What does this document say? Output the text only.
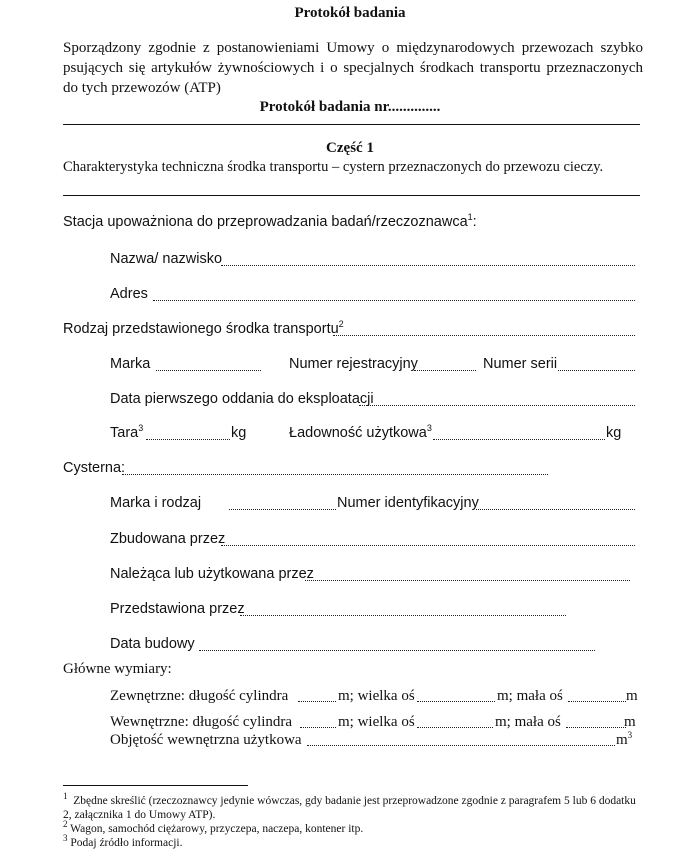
Protokół badania
Sporządzony zgodnie z postanowieniami Umowy o międzynarodowych przewozach szybko psujących się artykułów żywnościowych i o specjalnych środkach transportu przeznaczonych do tych przewozów (ATP)
Protokół badania nr..............
Część 1
Charakterystyka techniczna środka transportu – cystern przeznaczonych do przewozu cieczy.
Stacja upoważniona do przeprowadzania badań/rzeczoznawca$^1$:
Nazwa/ nazwisko
Adres
Rodzaj przedstawionego środka transportu$^2$
Marka	Numer rejestracyjny	Numer serii
Data pierwszego oddania do eksploatacji
Tara$^3$	kg	Ładowność użytkowa$^3$	kg
Cysterna:
Marka i rodzaj	Numer identyfikacyjny
Zbudowana przez
Należąca lub użytkowana przez
Przedstawiona przez
Data budowy
Główne wymiary:
Zewnętrzne: długość cylindra	m; wielka oś	m; mała oś	m
Wewnętrzne: długość cylindra	m; wielka oś	m; mała oś	m
Objętość wewnętrzna użytkowa	$m^3$
$^1$ Zbędne skreślić (rzeczoznawcy jedynie wówczas, gdy badanie jest przeprowadzone zgodnie z paragrafem 5 lub 6 dodatku 2, załącznika 1 do Umowy ATP).
$^2$ Wagon, samochód ciężarowy, przyczepa, naczepa, kontener itp.
$^3$ Podaj źródło informacji.
